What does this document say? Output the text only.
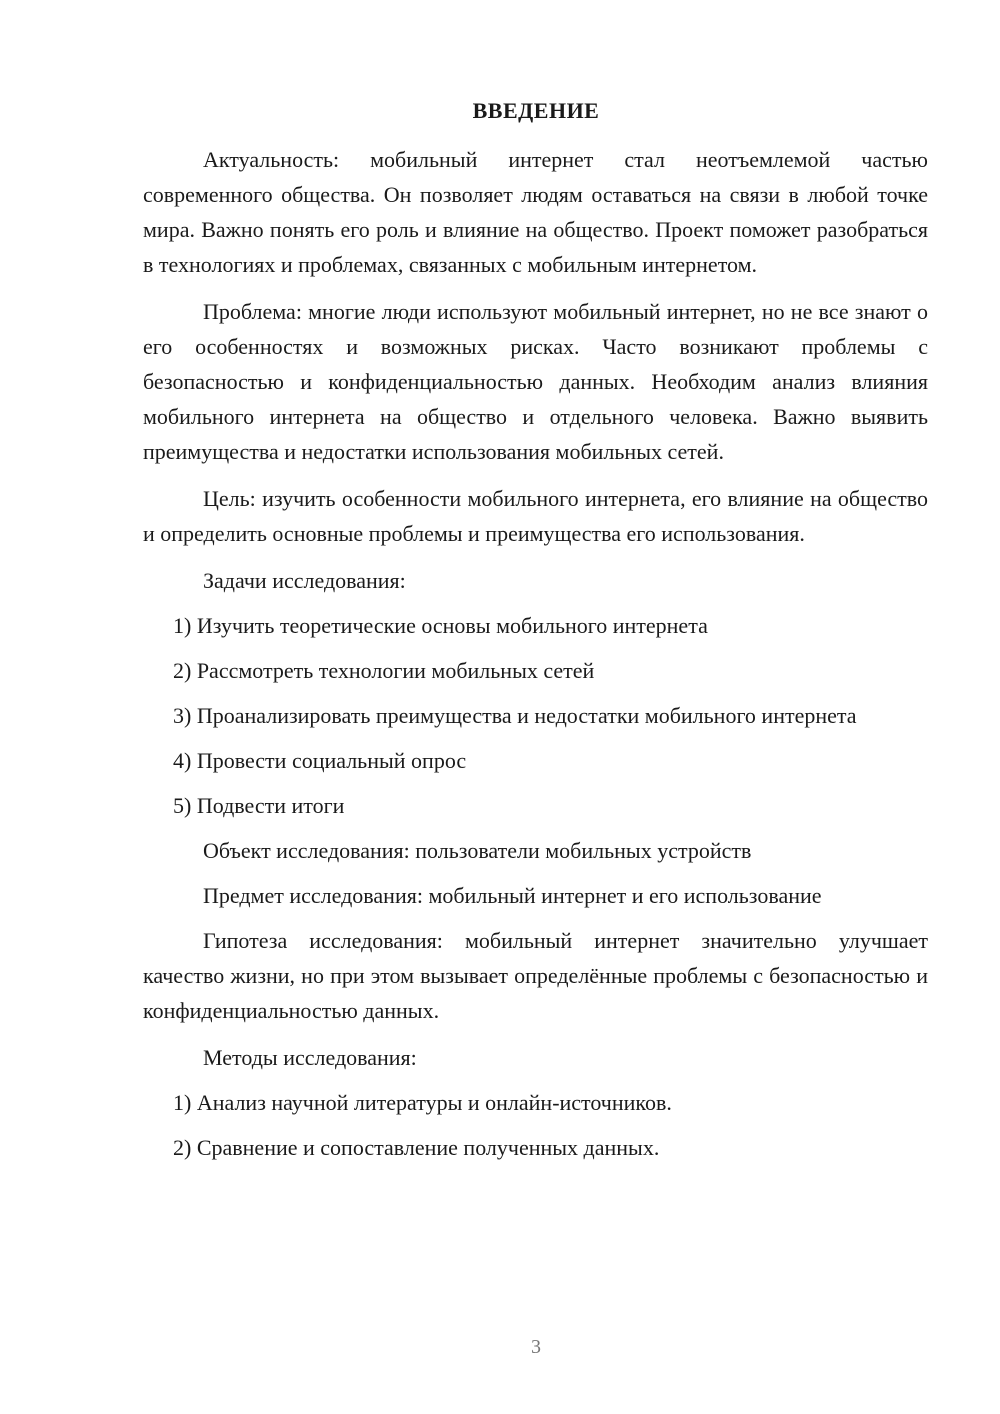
ВВЕДЕНИЕ

Актуальность: мобильный интернет стал неотъемлемой частью современного общества. Он позволяет людям оставаться на связи в любой точке мира. Важно понять его роль и влияние на общество. Проект поможет разобраться в технологиях и проблемах, связанных с мобильным интернетом.

Проблема: многие люди используют мобильный интернет, но не все знают о его особенностях и возможных рисках. Часто возникают проблемы с безопасностью и конфиденциальностью данных. Необходим анализ влияния мобильного интернета на общество и отдельного человека. Важно выявить преимущества и недостатки использования мобильных сетей.

Цель: изучить особенности мобильного интернета, его влияние на общество и определить основные проблемы и преимущества его использования.

Задачи исследования:

1) Изучить теоретические основы мобильного интернета

2) Рассмотреть технологии мобильных сетей

3) Проанализировать преимущества и недостатки мобильного интернета

4) Провести социальный опрос

5) Подвести итоги

Объект исследования: пользователи мобильных устройств

Предмет исследования: мобильный интернет и его использование

Гипотеза исследования: мобильный интернет значительно улучшает качество жизни, но при этом вызывает определённые проблемы с безопасностью и конфиденциальностью данных.

Методы исследования:

1) Анализ научной литературы и онлайн-источников.

2) Сравнение и сопоставление полученных данных.

3
